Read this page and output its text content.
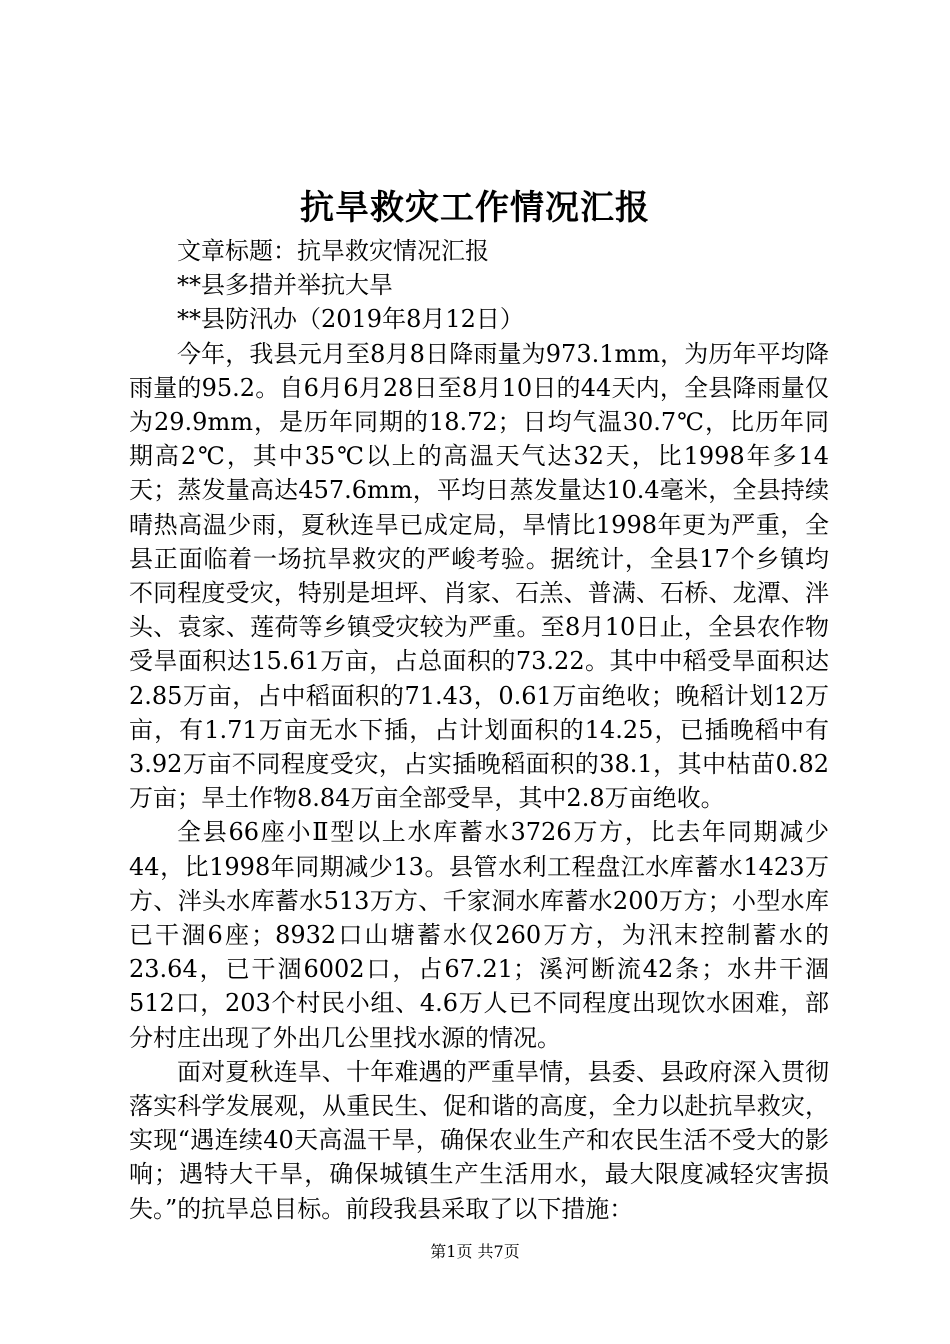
抗旱救灾工作情况汇报

文章标题：抗旱救灾情况汇报

**县多措并举抗大旱

**县防汛办（2019年8月12日）

今年，我县元月至8月8日降雨量为973.1mm，为历年平均降雨量的95.2。自6月6月28日至8月10日的44天内，全县降雨量仅为29.9mm，是历年同期的18.72；日均气温30.7℃，比历年同期高2℃，其中35℃以上的高温天气达32天，比1998年多14天；蒸发量高达457.6mm，平均日蒸发量达10.4毫米，全县持续晴热高温少雨，夏秋连旱已成定局，旱情比1998年更为严重，全县正面临着一场抗旱救灾的严峻考验。据统计，全县17个乡镇均不同程度受灾，特别是坦坪、肖家、石羔、普满、石桥、龙潭、泮头、袁家、莲荷等乡镇受灾较为严重。至8月10日止，全县农作物受旱面积达15.61万亩，占总面积的73.22。其中中稻受旱面积达2.85万亩，占中稻面积的71.43，0.61万亩绝收；晚稻计划12万亩，有1.71万亩无水下插，占计划面积的14.25，已插晚稻中有3.92万亩不同程度受灾，占实插晚稻面积的38.1，其中枯苗0.82万亩；旱土作物8.84万亩全部受旱，其中2.8万亩绝收。

全县66座小Ⅱ型以上水库蓄水3726万方，比去年同期减少44，比1998年同期减少13。县管水利工程盘江水库蓄水1423万方、泮头水库蓄水513万方、千家洞水库蓄水200万方；小型水库已干涸6座；8932口山塘蓄水仅260万方，为汛末控制蓄水的23.64，已干涸6002口，占67.21；溪河断流42条；水井干涸512口，203个村民小组、4.6万人已不同程度出现饮水困难，部分村庄出现了外出几公里找水源的情况。

面对夏秋连旱、十年难遇的严重旱情，县委、县政府深入贯彻落实科学发展观，从重民生、促和谐的高度，全力以赴抗旱救灾，实现“遇连续40天高温干旱，确保农业生产和农民生活不受大的影响；遇特大干旱，确保城镇生产生活用水，最大限度减轻灾害损失。”的抗旱总目标。前段我县采取了以下措施：

第1页 共7页
